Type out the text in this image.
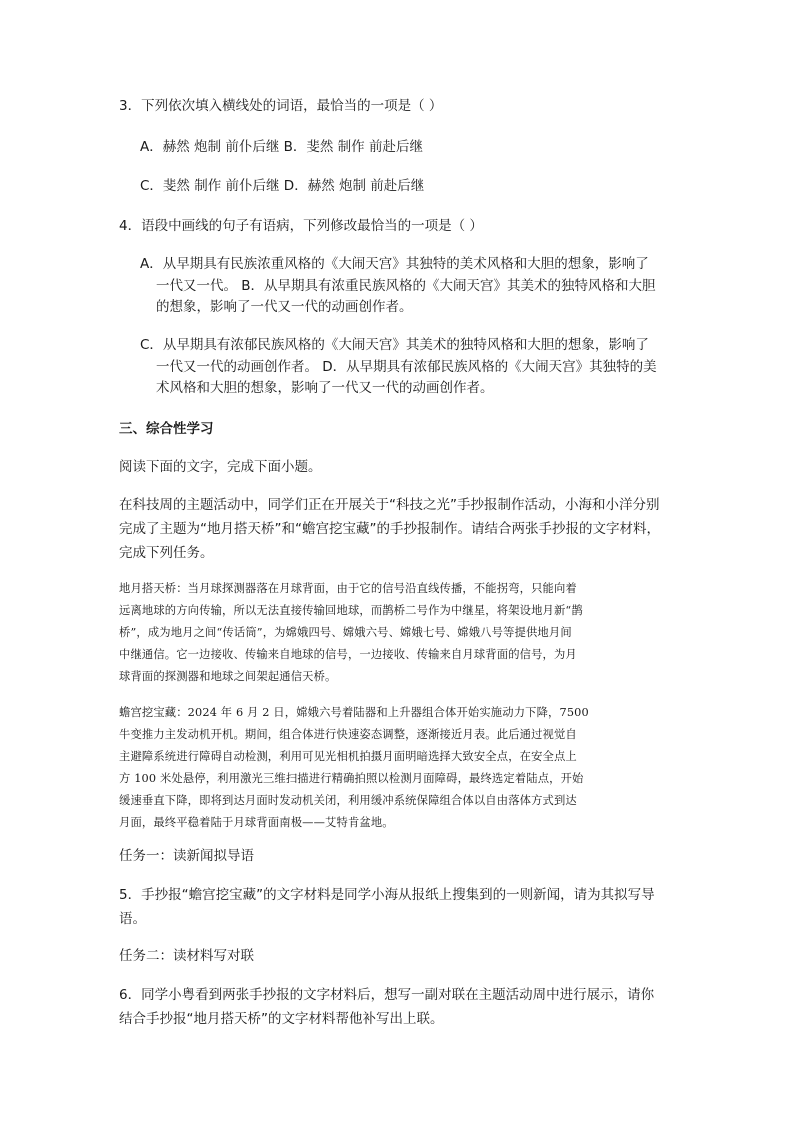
3．下列依次填入横线处的词语，最恰当的一项是（ ）

A．赫然 炮制 前仆后继 B．斐然 制作 前赴后继

C．斐然 制作 前仆后继 D．赫然 炮制 前赴后继

4．语段中画线的句子有语病，下列修改最恰当的一项是（ ）

A．从早期具有民族浓重风格的《大闹天宫》其独特的美术风格和大胆的想象，影响了

一代又一代。 B．从早期具有浓重民族风格的《大闹天宫》其美术的独特风格和大胆

的想象，影响了一代又一代的动画创作者。

C．从早期具有浓郁民族风格的《大闹天宫》其美术的独特风格和大胆的想象，影响了

一代又一代的动画创作者。 D．从早期具有浓郁民族风格的《大闹天宫》其独特的美

术风格和大胆的想象，影响了一代又一代的动画创作者。

三、综合性学习

阅读下面的文字，完成下面小题。

在科技周的主题活动中，同学们正在开展关于“科技之光”手抄报制作活动，小海和小洋分别

完成了主题为“地月搭天桥”和“蟾宫挖宝藏”的手抄报制作。请结合两张手抄报的文字材料，

完成下列任务。

地月搭天桥：当月球探测器落在月球背面，由于它的信号沿直线传播，不能拐弯，只能向着

远离地球的方向传输，所以无法直接传输回地球，而鹊桥二号作为中继星，将架设地月新“鹊

桥”，成为地月之间“传话筒”，为嫦娥四号、嫦娥六号、嫦娥七号、嫦娥八号等提供地月间

中继通信。它一边接收、传输来自地球的信号，一边接收、传输来自月球背面的信号，为月

球背面的探测器和地球之间架起通信天桥。

蟾宫挖宝藏：2024 年 6 月 2 日，嫦娥六号着陆器和上升器组合体开始实施动力下降，7500

牛变推力主发动机开机。期间，组合体进行快速姿态调整，逐渐接近月表。此后通过视觉自

主避障系统进行障碍自动检测，利用可见光相机拍摄月面明暗选择大致安全点，在安全点上

方 100 米处悬停，利用激光三维扫描进行精确拍照以检测月面障碍，最终选定着陆点，开始

缓速垂直下降，即将到达月面时发动机关闭，利用缓冲系统保障组合体以自由落体方式到达

月面，最终平稳着陆于月球背面南极——艾特肯盆地。

任务一：读新闻拟导语

5．手抄报“蟾宫挖宝藏”的文字材料是同学小海从报纸上搜集到的一则新闻，请为其拟写导

语。

任务二：读材料写对联

6．同学小粤看到两张手抄报的文字材料后，想写一副对联在主题活动周中进行展示，请你

结合手抄报“地月搭天桥”的文字材料帮他补写出上联。
